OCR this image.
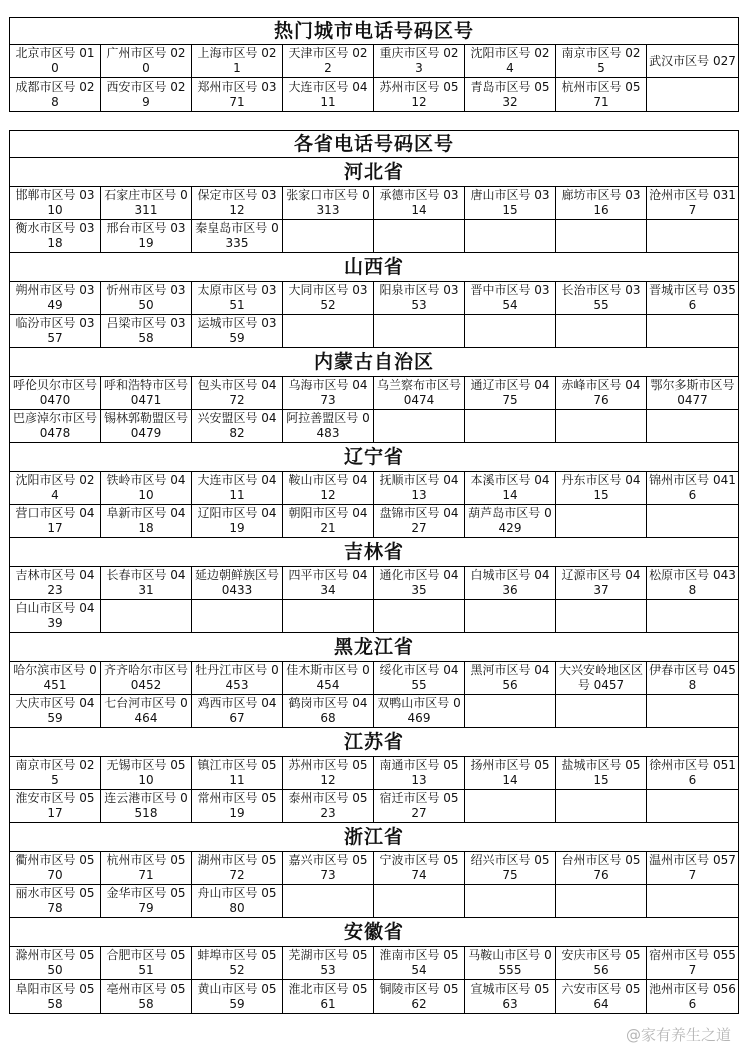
热门城市电话号码区号
北京市区号 010
广州市区号 020
上海市区号 021
天津市区号 022
重庆市区号 023
沈阳市区号 024
南京市区号 025
武汉市区号 027
成都市区号 028
西安市区号 029
郑州市区号 0371
大连市区号 0411
苏州市区号 0512
青岛市区号 0532
杭州市区号 0571
各省电话号码区号
河北省
邯郸市区号 0310
石家庄市区号 0311
保定市区号 0312
张家口市区号 0313
承德市区号 0314
唐山市区号 0315
廊坊市区号 0316
沧州市区号 0317
衡水市区号 0318
邢台市区号 0319
秦皇岛市区号 0335
山西省
朔州市区号 0349
忻州市区号 0350
太原市区号 0351
大同市区号 0352
阳泉市区号 0353
晋中市区号 0354
长治市区号 0355
晋城市区号 0356
临汾市区号 0357
吕梁市区号 0358
运城市区号 0359
内蒙古自治区
呼伦贝尔市区号 0470
呼和浩特市区号 0471
包头市区号 0472
乌海市区号 0473
乌兰察布市区号 0474
通辽市区号 0475
赤峰市区号 0476
鄂尔多斯市区号 0477
巴彦淖尔市区号 0478
锡林郭勒盟区号 0479
兴安盟区号 0482
阿拉善盟区号 0483
辽宁省
沈阳市区号 024
铁岭市区号 0410
大连市区号 0411
鞍山市区号 0412
抚顺市区号 0413
本溪市区号 0414
丹东市区号 0415
锦州市区号 0416
营口市区号 0417
阜新市区号 0418
辽阳市区号 0419
朝阳市区号 0421
盘锦市区号 0427
葫芦岛市区号 0429
吉林省
吉林市区号 0423
长春市区号 0431
延边朝鲜族区号 0433
四平市区号 0434
通化市区号 0435
白城市区号 0436
辽源市区号 0437
松原市区号 0438
白山市区号 0439
黑龙江省
哈尔滨市区号 0451
齐齐哈尔市区号 0452
牡丹江市区号 0453
佳木斯市区号 0454
绥化市区号 0455
黑河市区号 0456
大兴安岭地区区号 0457
伊春市区号 0458
大庆市区号 0459
七台河市区号 0464
鸡西市区号 0467
鹤岗市区号 0468
双鸭山市区号 0469
江苏省
南京市区号 025
无锡市区号 0510
镇江市区号 0511
苏州市区号 0512
南通市区号 0513
扬州市区号 0514
盐城市区号 0515
徐州市区号 0516
淮安市区号 0517
连云港市区号 0518
常州市区号 0519
泰州市区号 0523
宿迁市区号 0527
浙江省
衢州市区号 0570
杭州市区号 0571
湖州市区号 0572
嘉兴市区号 0573
宁波市区号 0574
绍兴市区号 0575
台州市区号 0576
温州市区号 0577
丽水市区号 0578
金华市区号 0579
舟山市区号 0580
安徽省
滁州市区号 0550
合肥市区号 0551
蚌埠市区号 0552
芜湖市区号 0553
淮南市区号 0554
马鞍山市区号 0555
安庆市区号 0556
宿州市区号 0557
阜阳市区号 0558
亳州市区号 0558
黄山市区号 0559
淮北市区号 0561
铜陵市区号 0562
宣城市区号 0563
六安市区号 0564
池州市区号 0566
@家有养生之道
